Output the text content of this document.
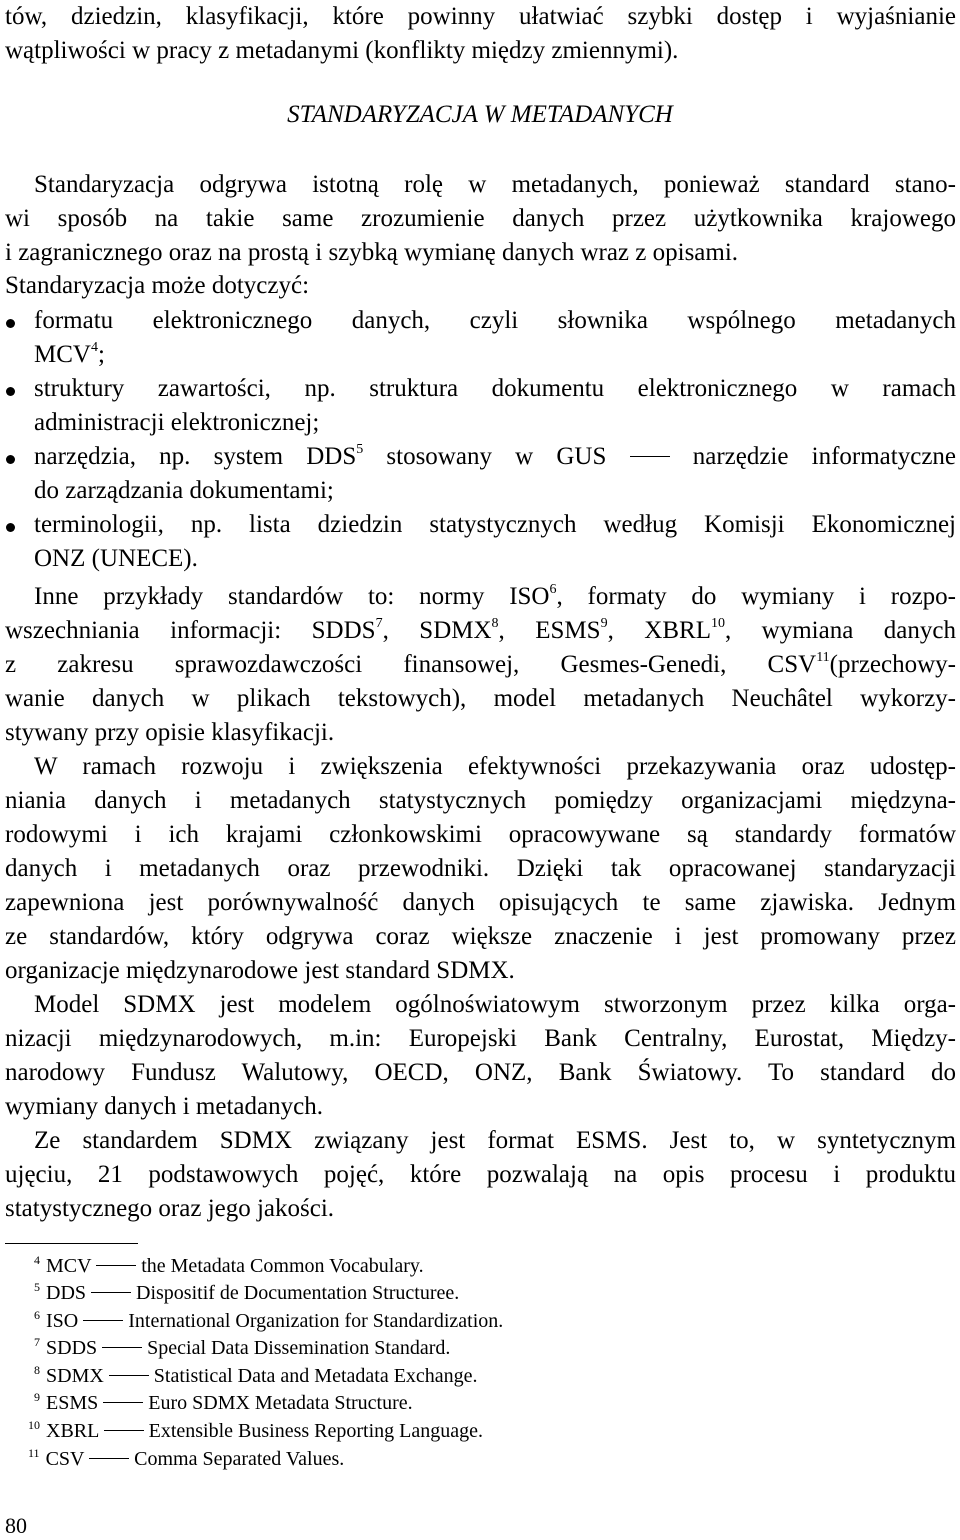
tów, dziedzin, klasyfikacji, które powinny ułatwiać szybki dostęp i wyjaśnianie
wątpliwości w pracy z metadanymi (konflikty między zmiennymi).
STANDARYZACJA W METADANYCH
Standaryzacja odgrywa istotną rolę w metadanych, ponieważ standard stano-
wi sposób na takie same zrozumienie danych przez użytkownika krajowego
i zagranicznego oraz na prostą i szybką wymianę danych wraz z opisami.
Standaryzacja może dotyczyć:
formatu elektronicznego danych, czyli słownika wspólnego metadanych
MCV$^4$;
struktury zawartości, np. struktura dokumentu elektronicznego w ramach
administracji elektronicznej;
narzędzia, np. system DDS$^5$ stosowany w GUS  narzędzie informatyczne
do zarządzania dokumentami;
terminologii, np. lista dziedzin statystycznych według Komisji Ekonomicznej
ONZ (UNECE).
Inne przykłady standardów to: normy ISO$^6$, formaty do wymiany i rozpo-
wszechniania informacji: SDDS$^7$, SDMX$^8$, ESMS$^9$, XBRL$^{10}$, wymiana danych
z zakresu sprawozdawczości finansowej, Gesmes-Genedi, CSV$^{11}$(przechowy-
wanie danych w plikach tekstowych), model metadanych Neuchâtel wykorzy-
stywany przy opisie klasyfikacji.
W ramach rozwoju i zwiększenia efektywności przekazywania oraz udostęp-
niania danych i metadanych statystycznych pomiędzy organizacjami międzyna-
rodowymi i ich krajami członkowskimi opracowywane są standardy formatów
danych i metadanych oraz przewodniki. Dzięki tak opracowanej standaryzacji
zapewniona jest porównywalność danych opisujących te same zjawiska. Jednym
ze standardów, który odgrywa coraz większe znaczenie i jest promowany przez
organizacje międzynarodowe jest standard SDMX.
Model SDMX jest modelem ogólnoświatowym stworzonym przez kilka orga-
nizacji międzynarodowych, m.in: Europejski Bank Centralny, Eurostat, Między-
narodowy Fundusz Walutowy, OECD, ONZ, Bank Światowy. To standard do
wymiany danych i metadanych.
Ze standardem SDMX związany jest format ESMS. Jest to, w syntetycznym
ujęciu, 21 podstawowych pojęć, które pozwalają na opis procesu i produktu
statystycznego oraz jego jakości.
$^4$ MCV	the Metadata Common Vocabulary.
$^5$ DDS	Dispositif de Documentation Structuree.
$^6$ ISO	International Organization for Standardization.
$^7$ SDDS	Special Data Dissemination Standard.
$^8$ SDMX	Statistical Data and Metadata Exchange.
$^9$ ESMS	Euro SDMX Metadata Structure.
$^{10}$ XBRL	Extensible Business Reporting Language.
$^{11}$ CSV	Comma Separated Values.
80
